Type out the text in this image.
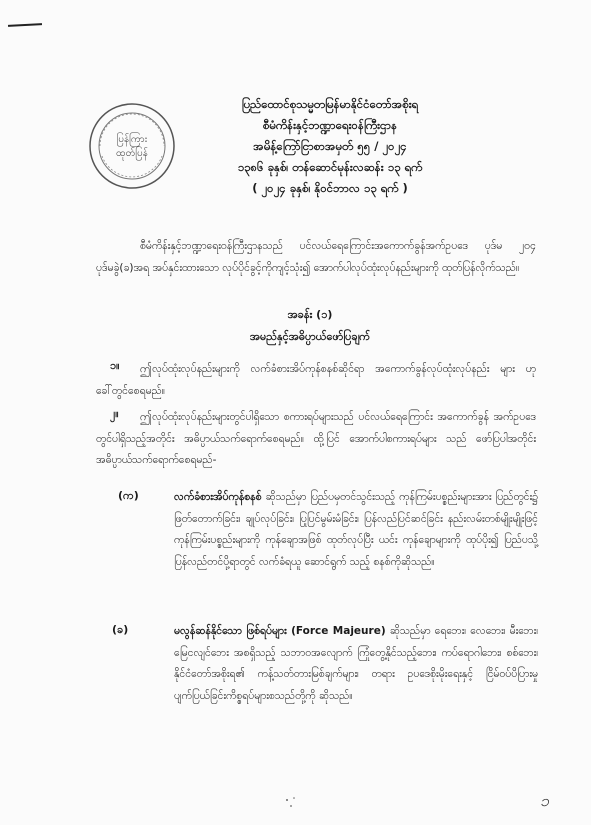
ပြန်ကြား
ထုတ်ပြန်
ပြည်ထောင်စုသမ္မတမြန်မာနိုင်ငံတော်အစိုးရ
စီမံကိန်းနှင့်ဘဏ္ဍာရေးဝန်ကြီးဌာန
အမိန့်ကြော်ငြာစာအမှတ် ၅၅ / ၂၀၂၄
၁၃၈၆ ခုနှစ်၊ တန်ဆောင်မုန်းလဆန်း ၁၃ ရက်
( ၂၀၂၄ ခုနှစ်၊ နိုဝင်ဘာလ ၁၃ ရက် )
စီမံကိန်းနှင့်ဘဏ္ဍာရေးဝန်ကြီးဌာနသည် ပင်လယ်ရေကြောင်းအကောက်ခွန်အက်ဥပဒေ ပုဒ်မ ၂၀၄ ပုဒ်မခွဲ(ခ)အရ အပ်နှင်းထားသော လုပ်ပိုင်ခွင့်ကိုကျင့်သုံး၍ အောက်ပါလုပ်ထုံးလုပ်နည်းများကို ထုတ်ပြန်လိုက်သည်။
အခန်း (၁)
အမည်နှင့်အဓိပ္ပာယ်ဖော်ပြချက်
ဤလုပ်ထုံးလုပ်နည်းများကို လက်ခံစားအိပ်ကုန်စနစ်ဆိုင်ရာ အကောက်ခွန်လုပ်ထုံးလုပ်နည်း များ ဟု ခေါ်တွင်စေရမည်။
၁။
ဤလုပ်ထုံးလုပ်နည်းများတွင်ပါရှိသော စကားရပ်များသည် ပင်လယ်ရေကြောင်း အကောက်ခွန် အက်ဥပဒေတွင်ပါရှိသည့်အတိုင်း အဓိပ္ပာယ်သက်ရောက်စေရမည်။ ထို့ပြင် အောက်ပါစကားရပ်များ သည် ဖော်ပြပါအတိုင်း အဓိပ္ပာယ်သက်ရောက်စေရမည်-
၂။
(က)	လက်ခံစားအိပ်ကုန်စနစ် ဆိုသည်မှာ ပြည်ပမှတင်သွင်းသည့် ကုန်ကြမ်းပစ္စည်းများအား ပြည်တွင်း၌ ဖြတ်တောက်ခြင်း၊ ချုပ်လုပ်ခြင်း၊ ပြုပြင်မွမ်းမံခြင်း၊ ပြန်လည်ပြင်ဆင်ခြင်း နည်းလမ်းတစ်မျိုးမျိုးဖြင့် ကုန်ကြမ်းပစ္စည်းများကို ကုန်ချောအဖြစ် ထုတ်လုပ်ပြီး ယင်း ကုန်ချောများကို ထုပ်ပိုး၍ ပြည်ပသို့ ပြန်လည်တင်ပို့ရာတွင် လက်ခံရယူ ဆောင်ရွက် သည့် စနစ်ကိုဆိုသည်။
(ခ)	မလွန်ဆန်နိုင်သော ဖြစ်ရပ်များ (Force Majeure) ဆိုသည်မှာ ရေဘေး၊ လေဘေး၊ မီးဘေး၊ မြေငလျင်ဘေး အစရှိသည့် သဘာဝအလျောက် ကြုံတွေ့နိုင်သည့်ဘေး၊ ကပ်ရောဂါဘေး၊ စစ်ဘေး၊ နိုင်ငံတော်အစိုးရ၏ ကန့်သတ်တားမြစ်ချက်များ၊ တရား ဥပဒေစိုးမိုးရေးနှင့် ငြိမ်ဝပ်ပိပြားမှု ပျက်ပြယ်ခြင်းကိစ္စရပ်များစသည်တို့ကို ဆိုသည်။
၁
